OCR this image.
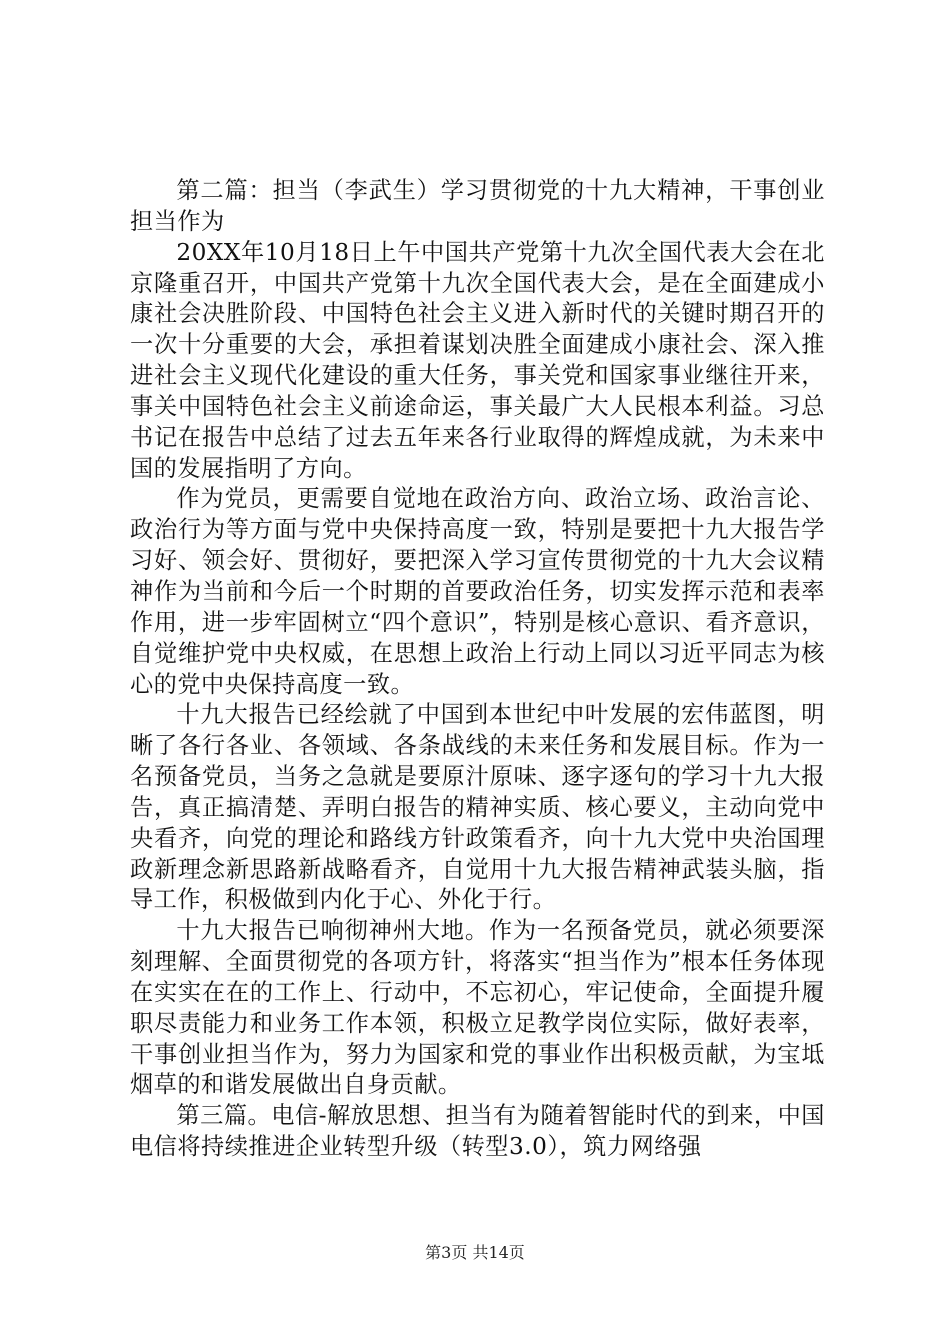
第二篇：担当（李武生）学习贯彻党的十九大精神，干事创业担当作为

20XX年10月18日上午中国共产党第十九次全国代表大会在北京隆重召开，中国共产党第十九次全国代表大会，是在全面建成小康社会决胜阶段、中国特色社会主义进入新时代的关键时期召开的一次十分重要的大会，承担着谋划决胜全面建成小康社会、深入推进社会主义现代化建设的重大任务，事关党和国家事业继往开来，事关中国特色社会主义前途命运，事关最广大人民根本利益。习总书记在报告中总结了过去五年来各行业取得的辉煌成就，为未来中国的发展指明了方向。

作为党员，更需要自觉地在政治方向、政治立场、政治言论、政治行为等方面与党中央保持高度一致，特别是要把十九大报告学习好、领会好、贯彻好，要把深入学习宣传贯彻党的十九大会议精神作为当前和今后一个时期的首要政治任务，切实发挥示范和表率作用，进一步牢固树立“四个意识”，特别是核心意识、看齐意识，自觉维护党中央权威，在思想上政治上行动上同以习近平同志为核心的党中央保持高度一致。

十九大报告已经绘就了中国到本世纪中叶发展的宏伟蓝图，明晰了各行各业、各领域、各条战线的未来任务和发展目标。作为一名预备党员，当务之急就是要原汁原味、逐字逐句的学习十九大报告，真正搞清楚、弄明白报告的精神实质、核心要义，主动向党中央看齐，向党的理论和路线方针政策看齐，向十九大党中央治国理政新理念新思路新战略看齐，自觉用十九大报告精神武装头脑，指导工作，积极做到内化于心、外化于行。

十九大报告已响彻神州大地。作为一名预备党员，就必须要深刻理解、全面贯彻党的各项方针，将落实“担当作为”根本任务体现在实实在在的工作上、行动中，不忘初心，牢记使命，全面提升履职尽责能力和业务工作本领，积极立足教学岗位实际，做好表率，干事创业担当作为，努力为国家和党的事业作出积极贡献，为宝坻烟草的和谐发展做出自身贡献。

第三篇。电信-解放思想、担当有为随着智能时代的到来，中国电信将持续推进企业转型升级（转型3.0），筑力网络强

第3页 共14页
